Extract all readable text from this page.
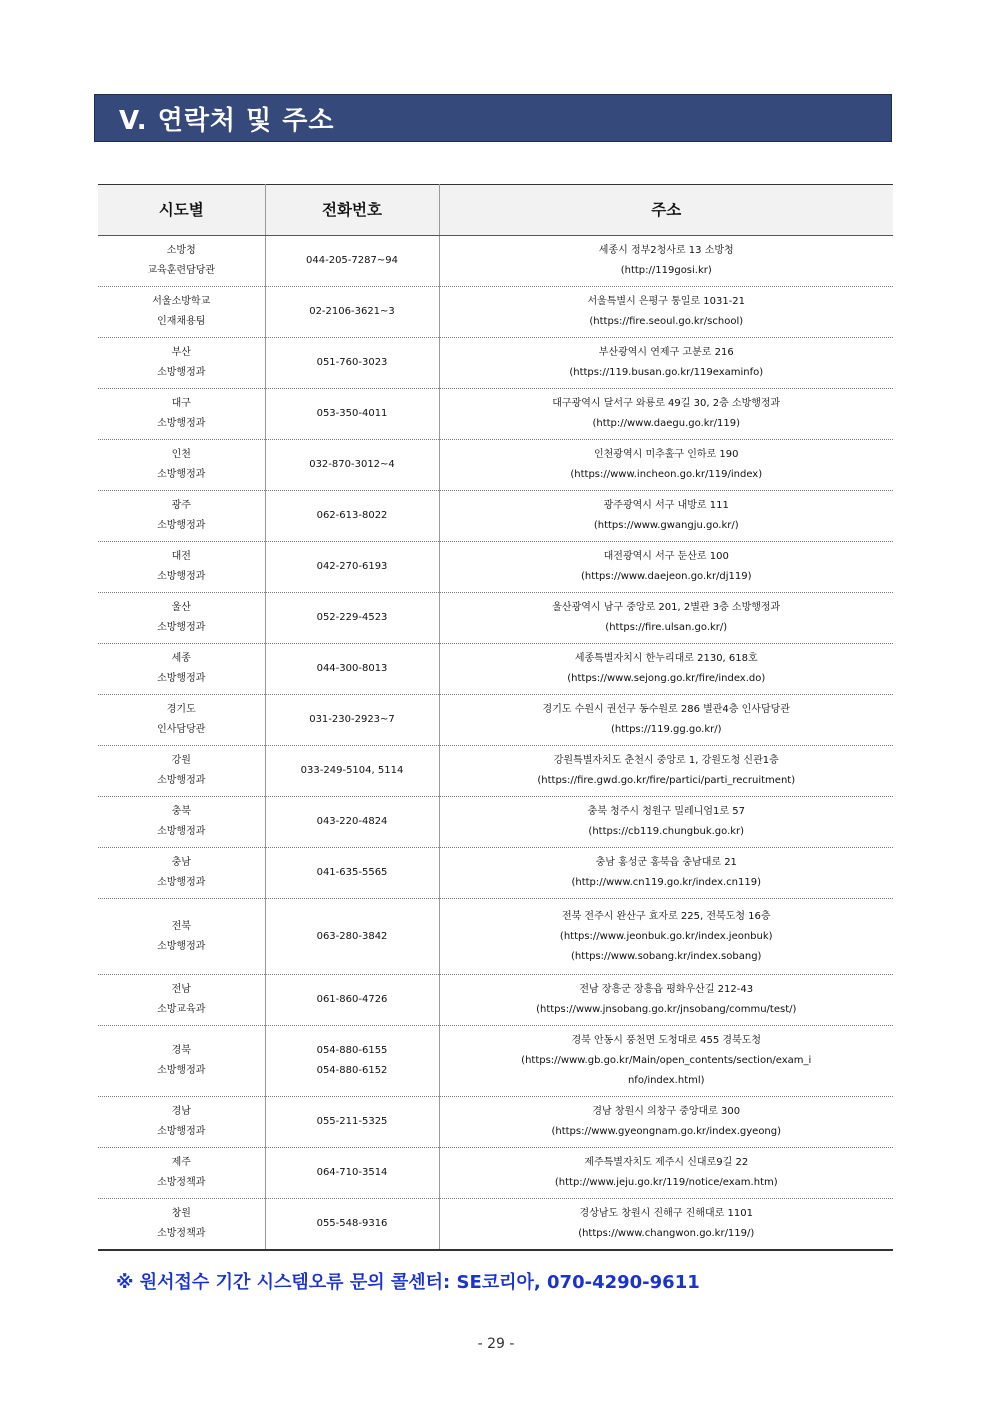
V. 연락처 및 주소
시도별	전화번호	주소

소방청
교육훈련담당관	044-205-7287~94	세종시 정부2청사로 13 소방청
(http://119gosi.kr)

서울소방학교
인재채용팀	02-2106-3621~3	서울특별시 은평구 통일로 1031-21
(https://fire.seoul.go.kr/school)

부산
소방행정과	051-760-3023	부산광역시 연제구 고분로 216
(https://119.busan.go.kr/119examinfo)

대구
소방행정과	053-350-4011	대구광역시 달서구 와룡로 49길 30, 2층 소방행정과
(http://www.daegu.go.kr/119)

인천
소방행정과	032-870-3012~4	인천광역시 미추홀구 인하로 190
(https://www.incheon.go.kr/119/index)

광주
소방행정과	062-613-8022	광주광역시 서구 내방로 111
(https://www.gwangju.go.kr/)

대전
소방행정과	042-270-6193	대전광역시 서구 둔산로 100
(https://www.daejeon.go.kr/dj119)

울산
소방행정과	052-229-4523	울산광역시 남구 중앙로 201, 2별관 3층 소방행정과
(https://fire.ulsan.go.kr/)

세종
소방행정과	044-300-8013	세종특별자치시 한누리대로 2130, 618호
(https://www.sejong.go.kr/fire/index.do)

경기도
인사담당관	031-230-2923~7	경기도 수원시 권선구 동수원로 286 별관4층 인사담당관
(https://119.gg.go.kr/)

강원
소방행정과	033-249-5104, 5114	강원특별자치도 춘천시 중앙로 1, 강원도청 신관1층
(https://fire.gwd.go.kr/fire/partici/parti_recruitment)

충북
소방행정과	043-220-4824	충북 청주시 청원구 밀레니엄1로 57
(https://cb119.chungbuk.go.kr)

충남
소방행정과	041-635-5565	충남 홍성군 홍북읍 충남대로 21
(http://www.cn119.go.kr/index.cn119)

전북
소방행정과	063-280-3842	전북 전주시 완산구 효자로 225, 전북도청 16층
(https://www.jeonbuk.go.kr/index.jeonbuk)
(https://www.sobang.kr/index.sobang)

전남
소방교육과	061-860-4726	전남 장흥군 장흥읍 평화우산길 212-43
(https://www.jnsobang.go.kr/jnsobang/commu/test/)

경북
소방행정과	054-880-6155
054-880-6152	경북 안동시 풍천면 도청대로 455 경북도청
(https://www.gb.go.kr/Main/open_contents/section/exam_i
nfo/index.html)

경남
소방행정과	055-211-5325	경남 창원시 의창구 중앙대로 300
(https://www.gyeongnam.go.kr/index.gyeong)

제주
소방정책과	064-710-3514	제주특별자치도 제주시 신대로9길 22
(http://www.jeju.go.kr/119/notice/exam.htm)

창원
소방정책과	055-548-9316	경상남도 창원시 진해구 진해대로 1101
(https://www.changwon.go.kr/119/)
※ 원서접수 기간 시스템오류 문의 콜센터: SE코리아, 070-4290-9611
- 29 -
